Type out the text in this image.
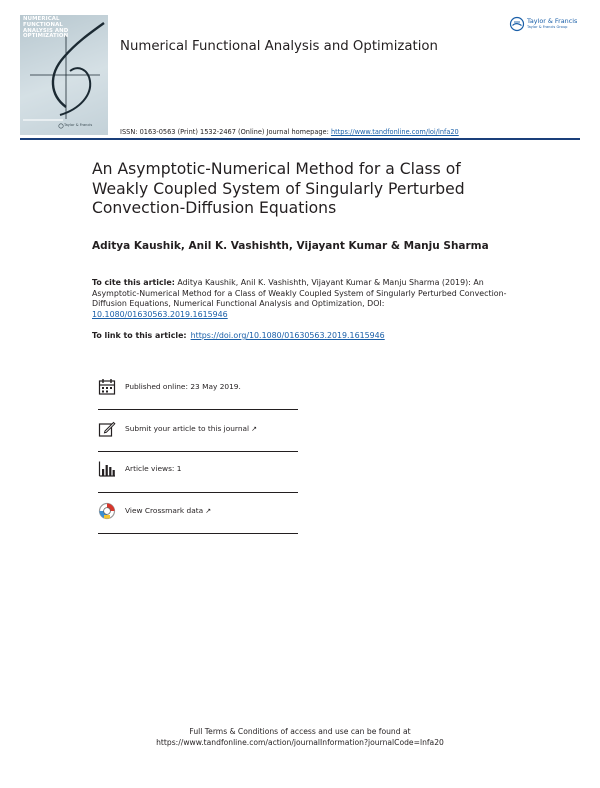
NUMERICAL FUNCTIONAL ANALYSIS AND OPTIMIZATION
Taylor & Francis
Taylor & Francis
Taylor & Francis Group
Numerical Functional Analysis and Optimization
ISSN: 0163-0563 (Print) 1532-2467 (Online) Journal homepage: https://www.tandfonline.com/loi/lnfa20
An Asymptotic-Numerical Method for a Class of Weakly Coupled System of Singularly Perturbed Convection-Diffusion Equations
Aditya Kaushik, Anil K. Vashishth, Vijayant Kumar & Manju Sharma
To cite this article: Aditya Kaushik, Anil K. Vashishth, Vijayant Kumar & Manju Sharma (2019): An Asymptotic-Numerical Method for a Class of Weakly Coupled System of Singularly Perturbed Convection-Diffusion Equations, Numerical Functional Analysis and Optimization, DOI: 10.1080/01630563.2019.1615946
To link to this article: https://doi.org/10.1080/01630563.2019.1615946
Published online: 23 May 2019.
Submit your article to this journal ↗
Article views: 1
View Crossmark data ↗
Full Terms & Conditions of access and use can be found at
https://www.tandfonline.com/action/journalInformation?journalCode=lnfa20
